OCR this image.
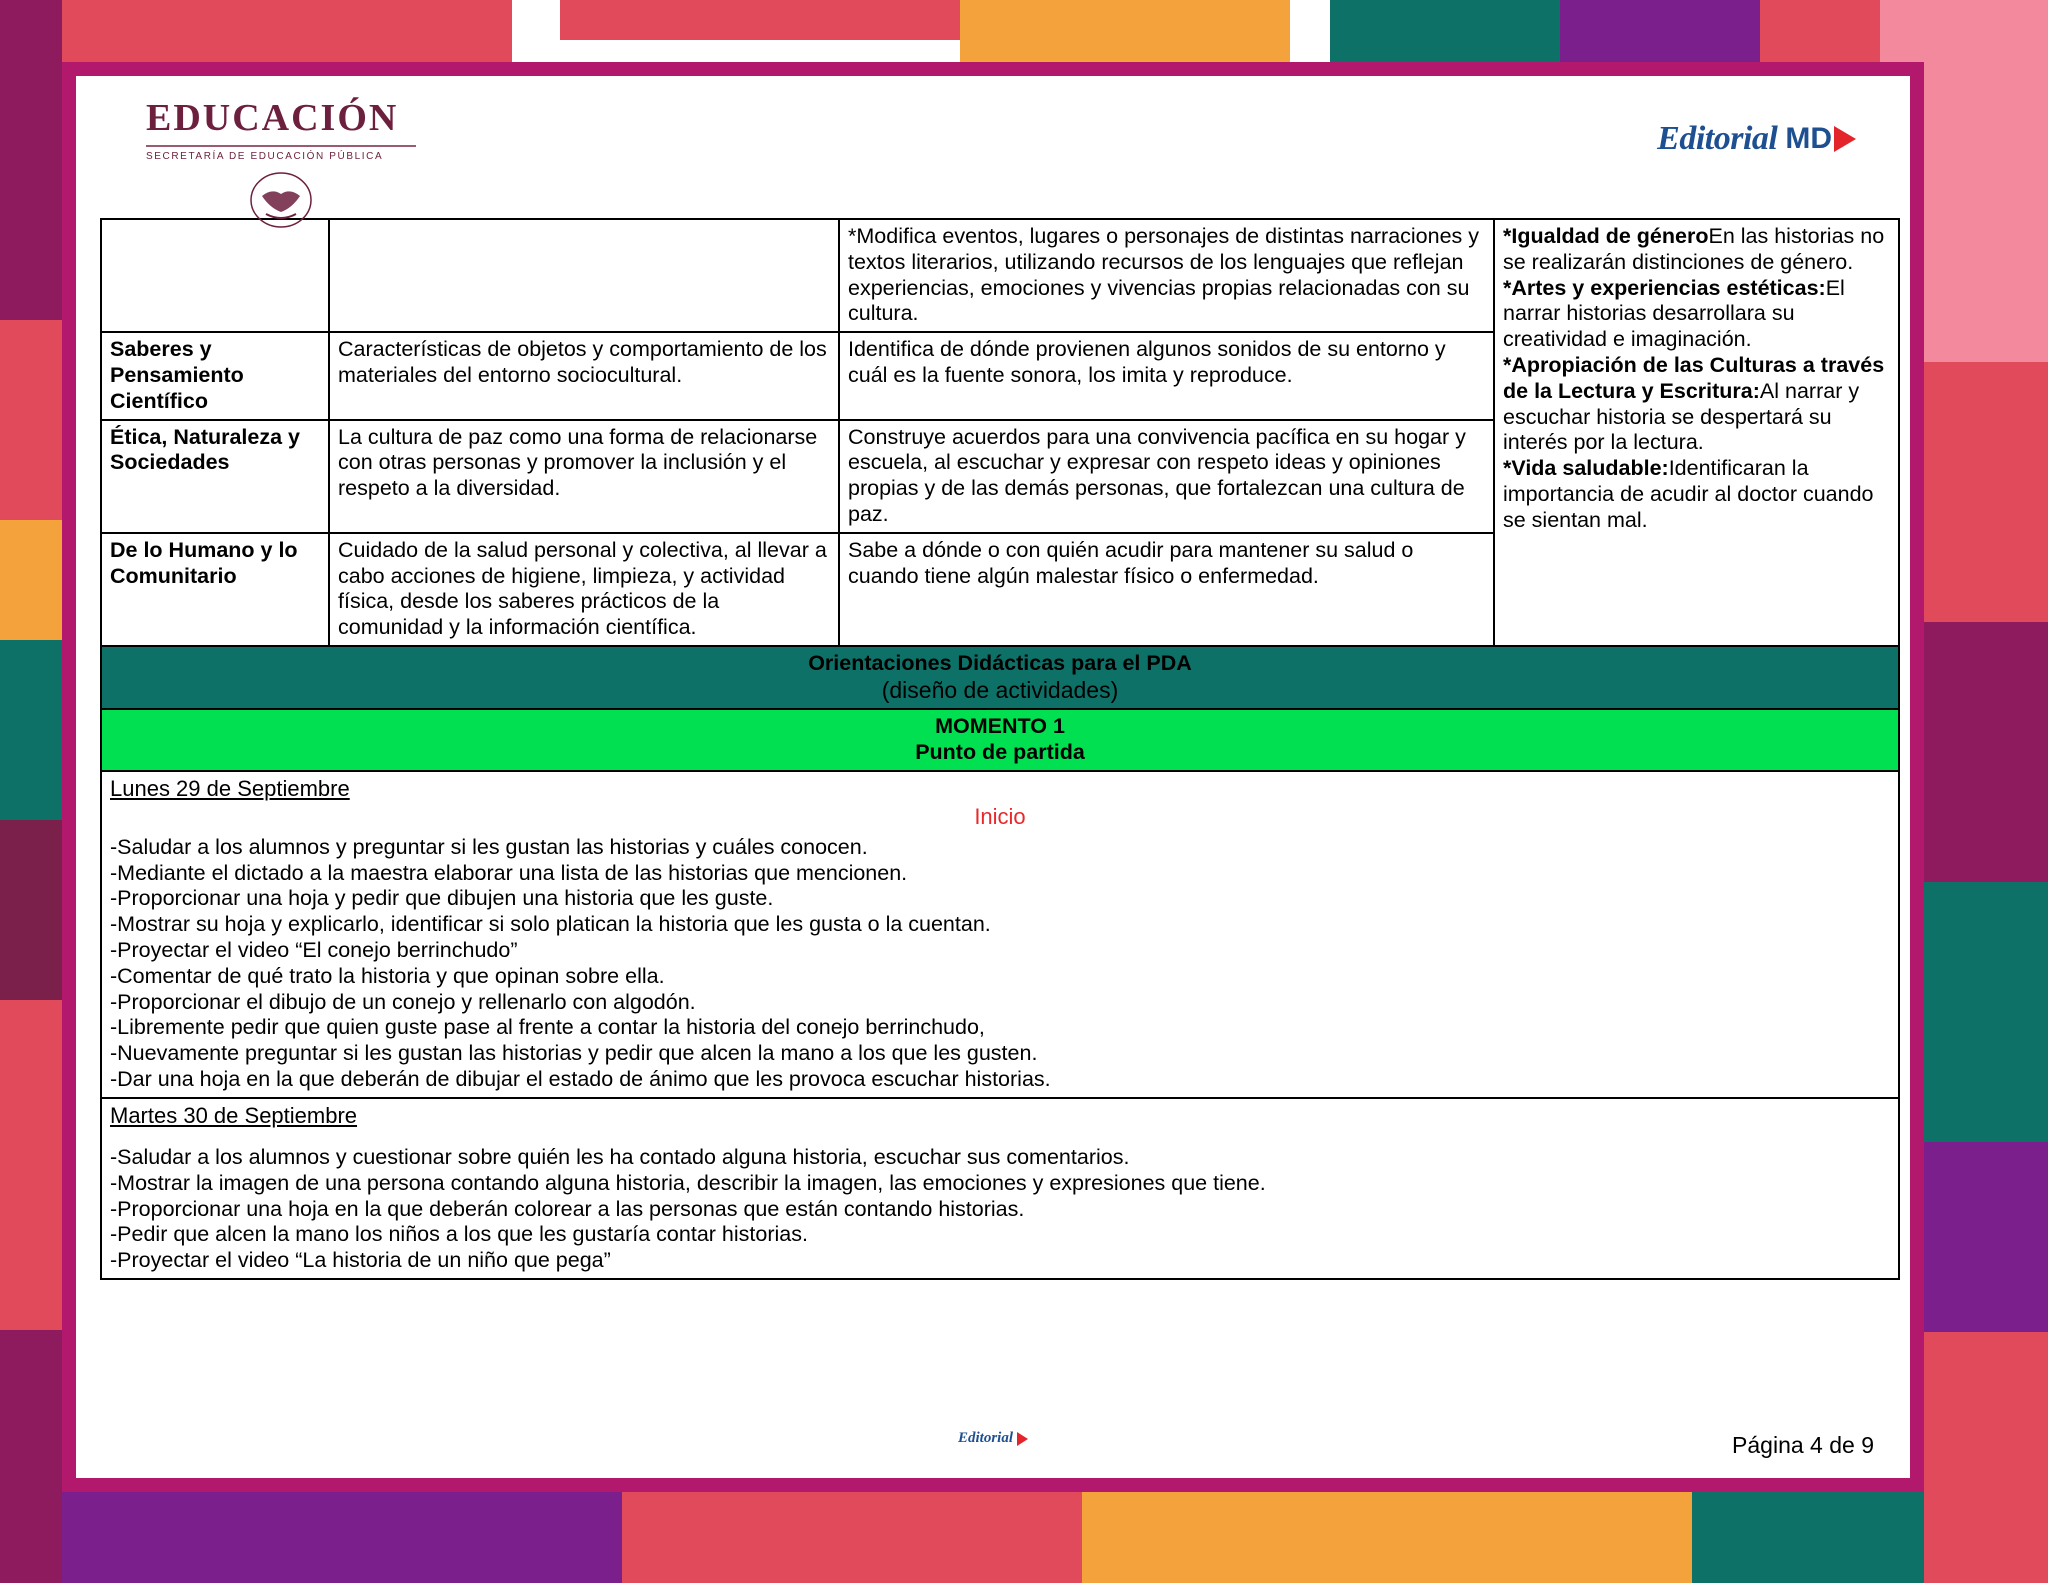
EDUCACIÓN
SECRETARÍA DE EDUCACIÓN PÚBLICA	Editorial MD
		*Modifica eventos, lugares o personajes de distintas narraciones y textos literarios, utilizando recursos de los lenguajes que reflejan experiencias, emociones y vivencias propias relacionadas con su cultura.	
*Igualdad de géneroEn las historias no se realizarán distinciones de género.
*Artes y experiencias estéticas:El narrar historias desarrollara su creatividad e imaginación.
*Apropiación de las Culturas a través de la Lectura y Escritura:Al narrar y escuchar historia se despertará su interés por la lectura.
*Vida saludable:Identificaran la importancia de acudir al doctor cuando se sientan mal.

Saberes y Pensamiento Científico	Características de objetos y comportamiento de los materiales del entorno sociocultural.	Identifica de dónde provienen algunos sonidos de su entorno y cuál es la fuente sonora, los imita y reproduce.	
Ética, Naturaleza y Sociedades	La cultura de paz como una forma de relacionarse con otras personas y promover la inclusión y el respeto a la diversidad.	Construye acuerdos para una convivencia pacífica en su hogar y escuela, al escuchar y expresar con respeto ideas y opiniones propias y de las demás personas, que fortalezcan una cultura de paz.	
De lo Humano y lo Comunitario	Cuidado de la salud personal y colectiva, al llevar a cabo acciones de higiene, limpieza, y actividad física, desde los saberes prácticos de la comunidad y la información científica.	Sabe a dónde o con quién acudir para mantener su salud o cuando tiene algún malestar físico o enfermedad.	

Orientaciones Didácticas para el PDA
(diseño de actividades)			

MOMENTO 1
Punto de partida			

Lunes 29 de Septiembre
Inicio
-Saludar a los alumnos y preguntar si les gustan las historias y cuáles conocen.
-Mediante el dictado a la maestra elaborar una lista de las historias que mencionen.
-Proporcionar una hoja y pedir que dibujen una historia que les guste.
-Mostrar su hoja y explicarlo, identificar si solo platican la historia que les gusta o la cuentan.
-Proyectar el video “El conejo berrinchudo”
-Comentar de qué trato la historia y que opinan sobre ella.
-Proporcionar el dibujo de un conejo y rellenarlo con algodón.
-Libremente pedir que quien guste pase al frente a contar la historia del conejo berrinchudo,
-Nuevamente preguntar si les gustan las historias y pedir que alcen la mano a los que les gusten.
-Dar una hoja en la que deberán de dibujar el estado de ánimo que les provoca escuchar historias.

Martes 30 de Septiembre
-Saludar a los alumnos y cuestionar sobre quién les ha contado alguna historia, escuchar sus comentarios.
-Mostrar la imagen de una persona contando alguna historia, describir la imagen, las emociones y expresiones que tiene.
-Proporcionar una hoja en la que deberán colorear a las personas que están contando historias.
-Pedir que alcen la mano los niños a los que les gustaría contar historias.
-Proyectar el video “La historia de un niño que pega”
Editorial	Página 4 de 9
